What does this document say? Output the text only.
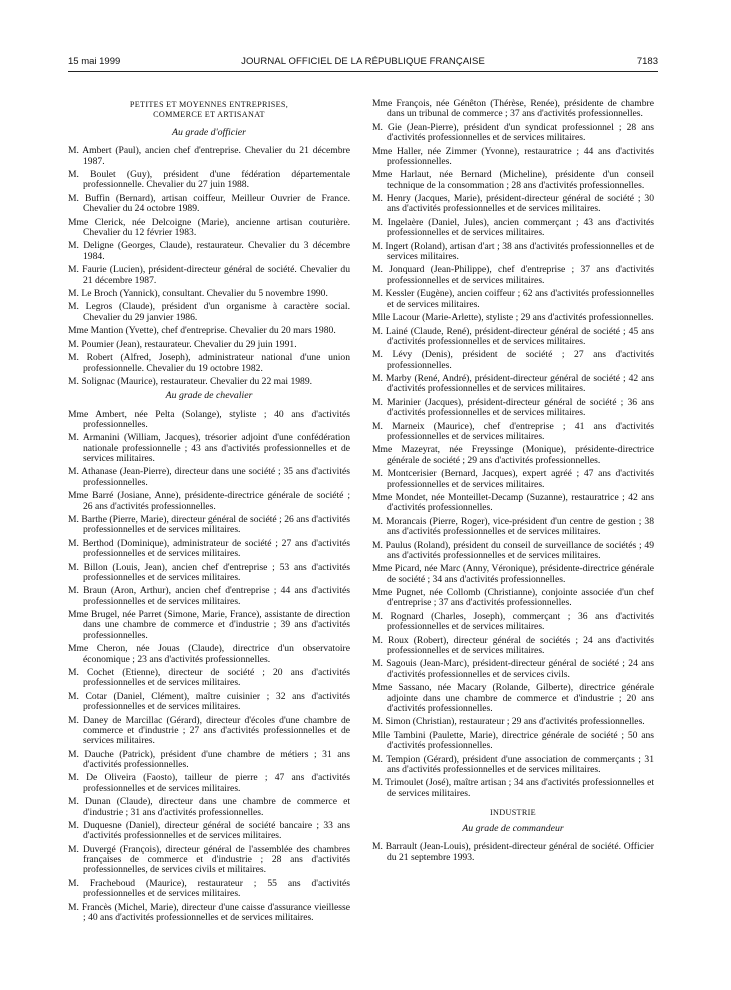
15 mai 1999	JOURNAL OFFICIEL DE LA RÉPUBLIQUE FRANÇAISE	7183
PETITES ET MOYENNES ENTREPRISES,
COMMERCE ET ARTISANAT
Au grade d'officier

M. Ambert (Paul), ancien chef d'entreprise. Chevalier du 21 décembre 1987.

M. Boulet (Guy), président d'une fédération départementale professionnelle. Chevalier du 27 juin 1988.

M. Buffin (Bernard), artisan coiffeur, Meilleur Ouvrier de France. Chevalier du 24 octobre 1989.

Mme Clerick, née Delcoigne (Marie), ancienne artisan couturière. Chevalier du 12 février 1983.

M. Deligne (Georges, Claude), restaurateur. Chevalier du 3 décembre 1984.

M. Faurie (Lucien), président-directeur général de société. Chevalier du 21 décembre 1987.

M. Le Broch (Yannick), consultant. Chevalier du 5 novembre 1990.

M. Legros (Claude), président d'un organisme à caractère social. Chevalier du 29 janvier 1986.

Mme Mantion (Yvette), chef d'entreprise. Chevalier du 20 mars 1980.

M. Poumier (Jean), restaurateur. Chevalier du 29 juin 1991.

M. Robert (Alfred, Joseph), administrateur national d'une union professionnelle. Chevalier du 19 octobre 1982.

M. Solignac (Maurice), restaurateur. Chevalier du 22 mai 1989.

Au grade de chevalier

Mme Ambert, née Pelta (Solange), styliste ; 40 ans d'activités professionnelles.

M. Armanini (William, Jacques), trésorier adjoint d'une confédération nationale professionnelle ; 43 ans d'activités professionnelles et de services militaires.

M. Athanase (Jean-Pierre), directeur dans une société ; 35 ans d'activités professionnelles.

Mme Barré (Josiane, Anne), présidente-directrice générale de société ; 26 ans d'activités professionnelles.

M. Barthe (Pierre, Marie), directeur général de société ; 26 ans d'activités professionnelles et de services militaires.

M. Berthod (Dominique), administrateur de société ; 27 ans d'activités professionnelles et de services militaires.

M. Billon (Louis, Jean), ancien chef d'entreprise ; 53 ans d'activités professionnelles et de services militaires.

M. Braun (Aron, Arthur), ancien chef d'entreprise ; 44 ans d'activités professionnelles et de services militaires.

Mme Brugel, née Parret (Simone, Marie, France), assistante de direction dans une chambre de commerce et d'industrie ; 39 ans d'activités professionnelles.

Mme Cheron, née Jouas (Claude), directrice d'un observatoire économique ; 23 ans d'activités professionnelles.

M. Cochet (Etienne), directeur de société ; 20 ans d'activités professionnelles et de services militaires.

M. Cotar (Daniel, Clément), maître cuisinier ; 32 ans d'activités professionnelles et de services militaires.

M. Daney de Marcillac (Gérard), directeur d'écoles d'une chambre de commerce et d'industrie ; 27 ans d'activités professionnelles et de services militaires.

M. Dauche (Patrick), président d'une chambre de métiers ; 31 ans d'activités professionnelles.

M. De Oliveira (Faosto), tailleur de pierre ; 47 ans d'activités professionnelles et de services militaires.

M. Dunan (Claude), directeur dans une chambre de commerce et d'industrie ; 31 ans d'activités professionnelles.

M. Duquesne (Daniel), directeur général de société bancaire ; 33 ans d'activités professionnelles et de services militaires.

M. Duvergé (François), directeur général de l'assemblée des chambres françaises de commerce et d'industrie ; 28 ans d'activités professionnelles, de services civils et militaires.

M. Fracheboud (Maurice), restaurateur ; 55 ans d'activités professionnelles et de services militaires.

M. Francès (Michel, Marie), directeur d'une caisse d'assurance vieillesse ; 40 ans d'activités professionnelles et de services militaires.

Mme François, née Génêton (Thérèse, Renée), présidente de chambre dans un tribunal de commerce ; 37 ans d'activités professionnelles.

M. Gie (Jean-Pierre), président d'un syndicat professionnel ; 28 ans d'activités professionnelles et de services militaires.

Mme Haller, née Zimmer (Yvonne), restauratrice ; 44 ans d'activités professionnelles.

Mme Harlaut, née Bernard (Micheline), présidente d'un conseil technique de la consommation ; 28 ans d'activités professionnelles.

M. Henry (Jacques, Marie), président-directeur général de société ; 30 ans d'activités professionnelles et de services militaires.

M. Ingelaère (Daniel, Jules), ancien commerçant ; 43 ans d'activités professionnelles et de services militaires.

M. Ingert (Roland), artisan d'art ; 38 ans d'activités professionnelles et de services militaires.

M. Jonquard (Jean-Philippe), chef d'entreprise ; 37 ans d'activités professionnelles et de services militaires.

M. Kessler (Eugène), ancien coiffeur ; 62 ans d'activités professionnelles et de services militaires.

Mlle Lacour (Marie-Arlette), styliste ; 29 ans d'activités professionnelles.

M. Lainé (Claude, René), président-directeur général de société ; 45 ans d'activités professionnelles et de services militaires.

M. Lévy (Denis), président de société ; 27 ans d'activités professionnelles.

M. Marby (René, André), président-directeur général de société ; 42 ans d'activités professionnelles et de services militaires.

M. Marinier (Jacques), président-directeur général de société ; 36 ans d'activités professionnelles et de services militaires.

M. Marneix (Maurice), chef d'entreprise ; 41 ans d'activités professionnelles et de services militaires.

Mme Mazeyrat, née Freyssinge (Monique), présidente-directrice générale de société ; 29 ans d'activités professionnelles.

M. Montcerisier (Bernard, Jacques), expert agréé ; 47 ans d'activités professionnelles et de services militaires.

Mme Mondet, née Monteillet-Decamp (Suzanne), restauratrice ; 42 ans d'activités professionnelles.

M. Morancais (Pierre, Roger), vice-président d'un centre de gestion ; 38 ans d'activités professionnelles et de services militaires.

M. Paulus (Roland), président du conseil de surveillance de sociétés ; 49 ans d'activités professionnelles et de services militaires.

Mme Picard, née Marc (Anny, Véronique), présidente-directrice générale de société ; 34 ans d'activités professionnelles.

Mme Pugnet, née Collomb (Christianne), conjointe associée d'un chef d'entreprise ; 37 ans d'activités professionnelles.

M. Rognard (Charles, Joseph), commerçant ; 36 ans d'activités professionnelles et de services militaires.

M. Roux (Robert), directeur général de sociétés ; 24 ans d'activités professionnelles et de services militaires.

M. Sagouis (Jean-Marc), président-directeur général de société ; 24 ans d'activités professionnelles et de services civils.

Mme Sassano, née Macary (Rolande, Gilberte), directrice générale adjointe dans une chambre de commerce et d'industrie ; 20 ans d'activités professionnelles.

M. Simon (Christian), restaurateur ; 29 ans d'activités professionnelles.

Mlle Tambini (Paulette, Marie), directrice générale de société ; 50 ans d'activités professionnelles.

M. Tempion (Gérard), président d'une association de commerçants ; 31 ans d'activités professionnelles et de services militaires.

M. Trimoulet (José), maître artisan ; 34 ans d'activités professionnelles et de services militaires.

INDUSTRIE
Au grade de commandeur

M. Barrault (Jean-Louis), président-directeur général de société. Officier du 21 septembre 1993.
